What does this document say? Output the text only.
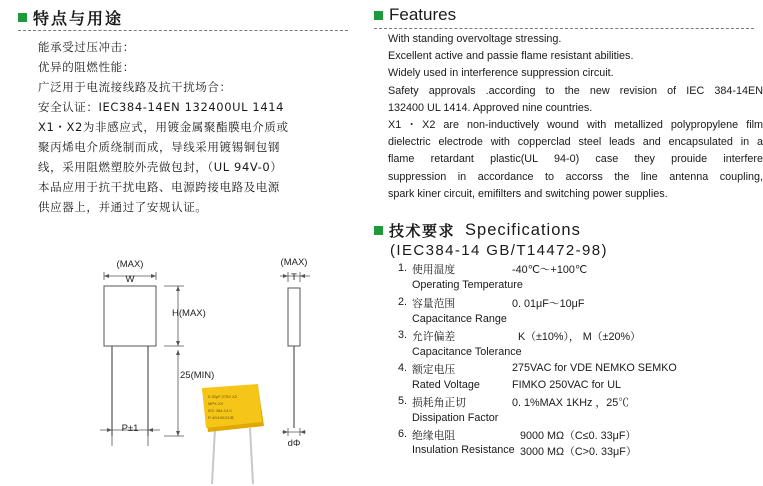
特点与用途
能承受过压冲击：
优异的阻燃性能：
广泛用于电流接线路及抗干扰场合：
安全认证：IEC384-14EN 132400UL 1414
X1・X2为非感应式，用镀金属聚酯膜电介质或
聚丙烯电介质绕制而成，导线采用镀锡铜包钢
线，采用阻燃塑胶外壳做包封，（UL 94V-0）
本品应用于抗干扰电路、电源跨接电路及电源
供应器上，并通过了安规认证。
(MAX)
W
H(MAX)
25(MIN)
P±1
(MAX)
T
dΦ
0.33μF 275V X2
MPX-XX
IEC 384-14 II
R 40/100/21/B
Features
With standing overvoltage stressing.
Excellent active and passie flame resistant abilities.
Widely used in interference suppression circuit.
Safety approvals .according to the new revision of IEC 384-14EN
132400 UL 1414. Approved nine countries.
X1・X2 are non-inductively wound with metallized polypropylene film
dielectric electrode with copperclad steel leads and encapsulated in a
flame retardant plastic(UL 94-0) case they prouide interfere
suppression in accordance to accorss the line antenna coupling,
spark kiner circuit, emifilters and switching power supplies.
技术要求 Specifications
(IEC384-14 GB/T14472-98)
1. 使用温度	-40℃～+100℃
Operating Temperature
2. 容量范围	0. 01μF～10μF
Capacitance Range
3. 允许偏差	K（±10%）， M（±20%）
Capacitance Tolerance
4. 额定电压	275VAC for VDE NEMKO SEMKO
Rated Voltage	FIMKO 250VAC for UL
5. 损耗角正切	0. 1%MAX 1KHz ，25℃
Dissipation Factor
6. 绝缘电阻	9000 MΩ（C≤0. 33μF）
Insulation Resistance 3000 MΩ（C>0. 33μF）
